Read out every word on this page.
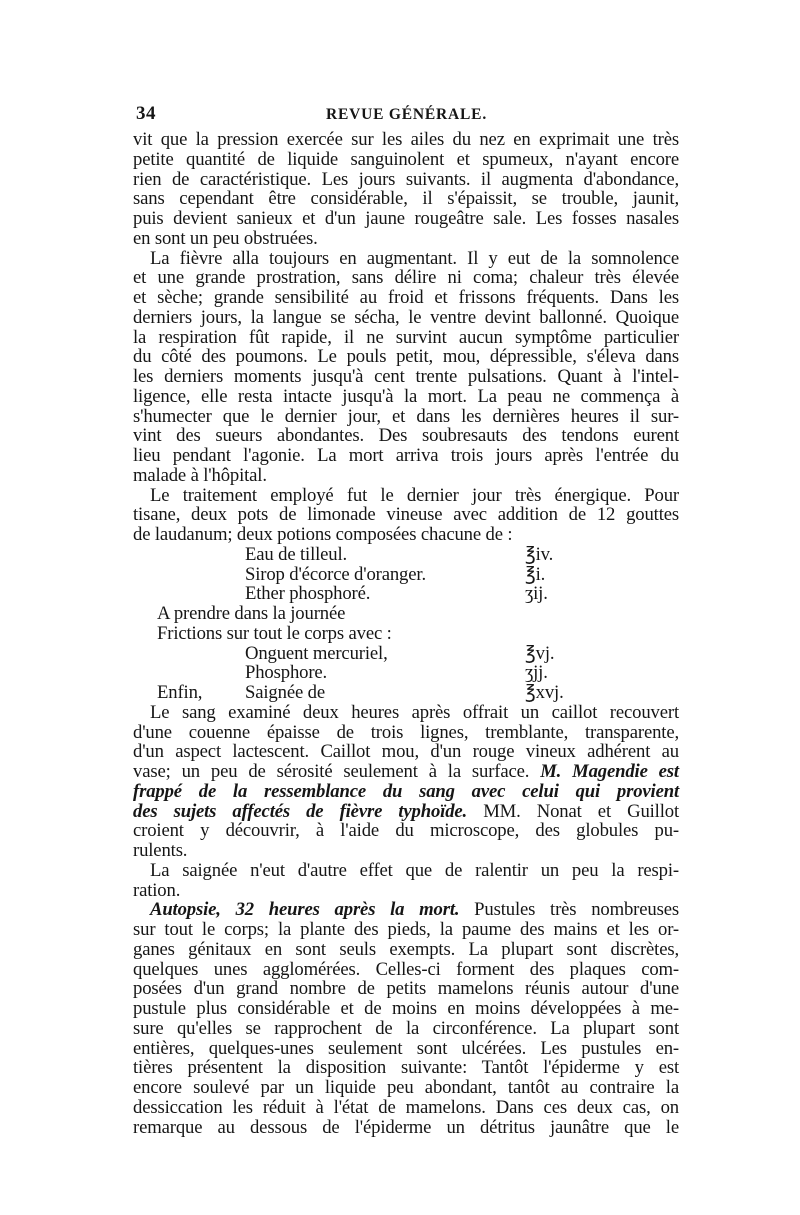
34	REVUE GÉNÉRALE.
vit que la pression exercée sur les ailes du nez en exprimait une très
petite quantité de liquide sanguinolent et spumeux, n'ayant encore
rien de caractéristique. Les jours suivants. il augmenta d'abondance,
sans cependant être considérable, il s'épaissit, se trouble, jaunit,
puis devient sanieux et d'un jaune rougeâtre sale. Les fosses nasales
en sont un peu obstruées.
La fièvre alla toujours en augmentant. Il y eut de la somnolence
et une grande prostration, sans délire ni coma; chaleur très élevée
et sèche; grande sensibilité au froid et frissons fréquents. Dans les
derniers jours, la langue se sécha, le ventre devint ballonné. Quoique
la respiration fût rapide, il ne survint aucun symptôme particulier
du côté des poumons. Le pouls petit, mou, dépressible, s'éleva dans
les derniers moments jusqu'à cent trente pulsations. Quant à l'intel-
ligence, elle resta intacte jusqu'à la mort. La peau ne commença à
s'humecter que le dernier jour, et dans les dernières heures il sur-
vint des sueurs abondantes. Des soubresauts des tendons eurent
lieu pendant l'agonie. La mort arriva trois jours après l'entrée du
malade à l'hôpital.
Le traitement employé fut le dernier jour très énergique. Pour
tisane, deux pots de limonade vineuse avec addition de 12 gouttes
de laudanum; deux potions composées chacune de :
Eau de tilleul.	℥iv.
Sirop d'écorce d'oranger.	℥i.
Ether phosphoré.	ʒij.
A prendre dans la journée
Frictions sur tout le corps avec :
Onguent mercuriel,	℥vj.
Phosphore.	ʒjj.
Enfin, Saignée de	℥xvj.
Le sang examiné deux heures après offrait un caillot recouvert
d'une couenne épaisse de trois lignes, tremblante, transparente,
d'un aspect lactescent. Caillot mou, d'un rouge vineux adhérent au
vase; un peu de sérosité seulement à la surface. M. Magendie est
frappé de la ressemblance du sang avec celui qui provient
des sujets affectés de fièvre typhoïde. MM. Nonat et Guillot
croient y découvrir, à l'aide du microscope, des globules pu-
rulents.
La saignée n'eut d'autre effet que de ralentir un peu la respi-
ration.
Autopsie, 32 heures après la mort. Pustules très nombreuses
sur tout le corps; la plante des pieds, la paume des mains et les or-
ganes génitaux en sont seuls exempts. La plupart sont discrètes,
quelques unes agglomérées. Celles-ci forment des plaques com-
posées d'un grand nombre de petits mamelons réunis autour d'une
pustule plus considérable et de moins en moins développées à me-
sure qu'elles se rapprochent de la circonférence. La plupart sont
entières, quelques-unes seulement sont ulcérées. Les pustules en-
tières présentent la disposition suivante: Tantôt l'épiderme y est
encore soulevé par un liquide peu abondant, tantôt au contraire la
dessiccation les réduit à l'état de mamelons. Dans ces deux cas, on
remarque au dessous de l'épiderme un détritus jaunâtre que le
